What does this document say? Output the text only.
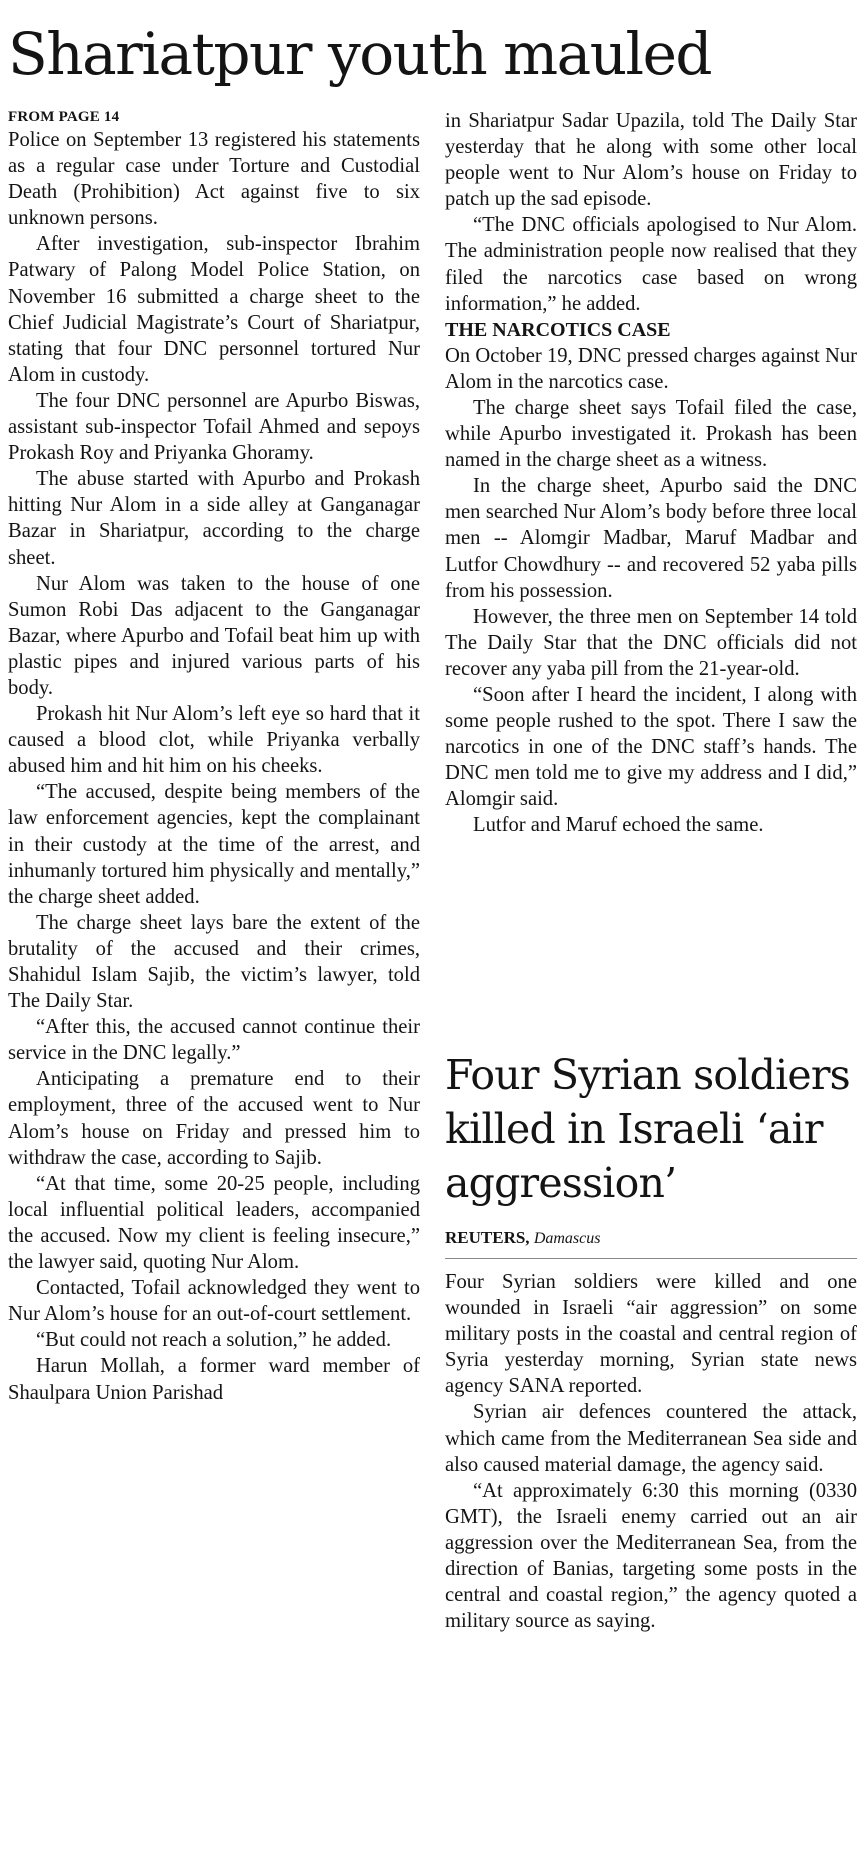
Shariatpur youth mauled
FROM PAGE 14

Police on September 13 registered his statements as a regular case under Torture and Custodial Death (Prohibition) Act against five to six unknown persons.

After investigation, sub-inspector Ibrahim Patwary of Palong Model Police Station, on November 16 submitted a charge sheet to the Chief Judicial Magistrate’s Court of Shariatpur, stating that four DNC personnel tortured Nur Alom in custody.

The four DNC personnel are Apurbo Biswas, assistant sub-inspector Tofail Ahmed and sepoys Prokash Roy and Priyanka Ghoramy.

The abuse started with Apurbo and Prokash hitting Nur Alom in a side alley at Ganganagar Bazar in Shariatpur, according to the charge sheet.

Nur Alom was taken to the house of one Sumon Robi Das adjacent to the Ganganagar Bazar, where Apurbo and Tofail beat him up with plastic pipes and injured various parts of his body.

Prokash hit Nur Alom’s left eye so hard that it caused a blood clot, while Priyanka verbally abused him and hit him on his cheeks.

“The accused, despite being members of the law enforcement agencies, kept the complainant in their custody at the time of the arrest, and inhumanly tortured him physically and mentally,” the charge sheet added.

The charge sheet lays bare the extent of the brutality of the accused and their crimes, Shahidul Islam Sajib, the victim’s lawyer, told The Daily Star.

“After this, the accused cannot continue their service in the DNC legally.”

Anticipating a premature end to their employment, three of the accused went to Nur Alom’s house on Friday and pressed him to withdraw the case, according to Sajib.

“At that time, some 20-25 people, including local influential political leaders, accompanied the accused. Now my client is feeling insecure,” the lawyer said, quoting Nur Alom.

Contacted, Tofail acknowledged they went to Nur Alom’s house for an out-of-court settlement.

“But could not reach a solution,” he added.

Harun Mollah, a former ward member of Shaulpara Union Parishad

in Shariatpur Sadar Upazila, told The Daily Star yesterday that he along with some other local people went to Nur Alom’s house on Friday to patch up the sad episode.

“The DNC officials apologised to Nur Alom. The administration people now realised that they filed the narcotics case based on wrong information,” he added.

THE NARCOTICS CASE

On October 19, DNC pressed charges against Nur Alom in the narcotics case.

The charge sheet says Tofail filed the case, while Apurbo investigated it. Prokash has been named in the charge sheet as a witness.

In the charge sheet, Apurbo said the DNC men searched Nur Alom’s body before three local men -- Alomgir Madbar, Maruf Madbar and Lutfor Chowdhury -- and recovered 52 yaba pills from his possession.

However, the three men on September 14 told The Daily Star that the DNC officials did not recover any yaba pill from the 21-year-old.

“Soon after I heard the incident, I along with some people rushed to the spot. There I saw the narcotics in one of the DNC staff’s hands. The DNC men told me to give my address and I did,” Alomgir said.

Lutfor and Maruf echoed the same.

Four Syrian soldiers killed in Israeli ‘air aggression’
REUTERS, Damascus

Four Syrian soldiers were killed and one wounded in Israeli “air aggression” on some military posts in the coastal and central region of Syria yesterday morning, Syrian state news agency SANA reported.

Syrian air defences countered the attack, which came from the Mediterranean Sea side and also caused material damage, the agency said.

“At approximately 6:30 this morning (0330 GMT), the Israeli enemy carried out an air aggression over the Mediterranean Sea, from the direction of Banias, targeting some posts in the central and coastal region,” the agency quoted a military source as saying.
